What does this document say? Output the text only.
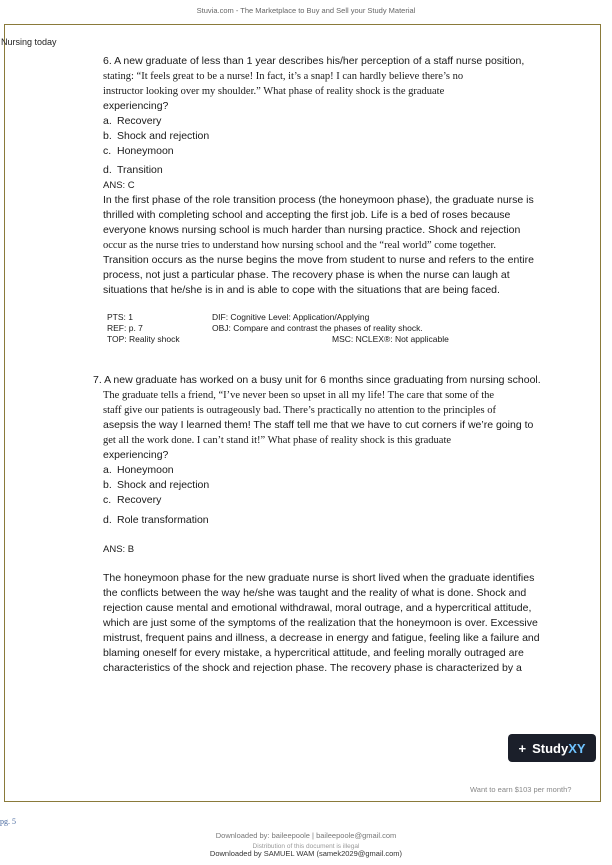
Stuvia.com - The Marketplace to Buy and Sell your Study Material
Nursing today

6. A new graduate of less than 1 year describes his/her perception of a staff nurse position,

stating: “It feels great to be a nurse! In fact, it’s a snap! I can hardly believe there’s no

instructor looking over my shoulder.” What phase of reality shock is the graduate

experiencing?

a. Recovery
b. Shock and rejection
c. Honeymoon
d. Transition

ANS: C

In the first phase of the role transition process (the honeymoon phase), the graduate nurse is

thrilled with completing school and accepting the first job. Life is a bed of roses because

everyone knows nursing school is much harder than nursing practice. Shock and rejection

occur as the nurse tries to understand how nursing school and the “real world” come together.

Transition occurs as the nurse begins the move from student to nurse and refers to the entire

process, not just a particular phase. The recovery phase is when the nurse can laugh at

situations that he/she is in and is able to cope with the situations that are being faced.

PTS: 1	DIF: Cognitive Level: Application/Applying
REF: p. 7	OBJ: Compare and contrast the phases of reality shock.
TOP: Reality shock	MSC: NCLEX®: Not applicable

7. A new graduate has worked on a busy unit for 6 months since graduating from nursing school.

The graduate tells a friend, “I’ve never been so upset in all my life! The care that some of the

staff give our patients is outrageously bad. There’s practically no attention to the principles of

asepsis the way I learned them! The staff tell me that we have to cut corners if we’re going to

get all the work done. I can’t stand it!” What phase of reality shock is this graduate

experiencing?

a. Honeymoon
b. Shock and rejection
c. Recovery
d. Role transformation

ANS: B

The honeymoon phase for the new graduate nurse is short lived when the graduate identifies

the conflicts between the way he/she was taught and the reality of what is done. Shock and

rejection cause mental and emotional withdrawal, moral outrage, and a hypercritical attitude,

which are just some of the symptoms of the realization that the honeymoon is over. Excessive

mistrust, frequent pains and illness, a decrease in energy and fatigue, feeling like a failure and

blaming oneself for every mistake, a hypercritical attitude, and feeling morally outraged are

characteristics of the shock and rejection phase. The recovery phase is characterized by a

+ StudyXY
Want to earn $103 per month?
pg. 5
Downloaded by: baileepoole | baileepoole@gmail.com
Distribution of this document is illegal
Downloaded by SAMUEL WAM (samek2029@gmail.com)
